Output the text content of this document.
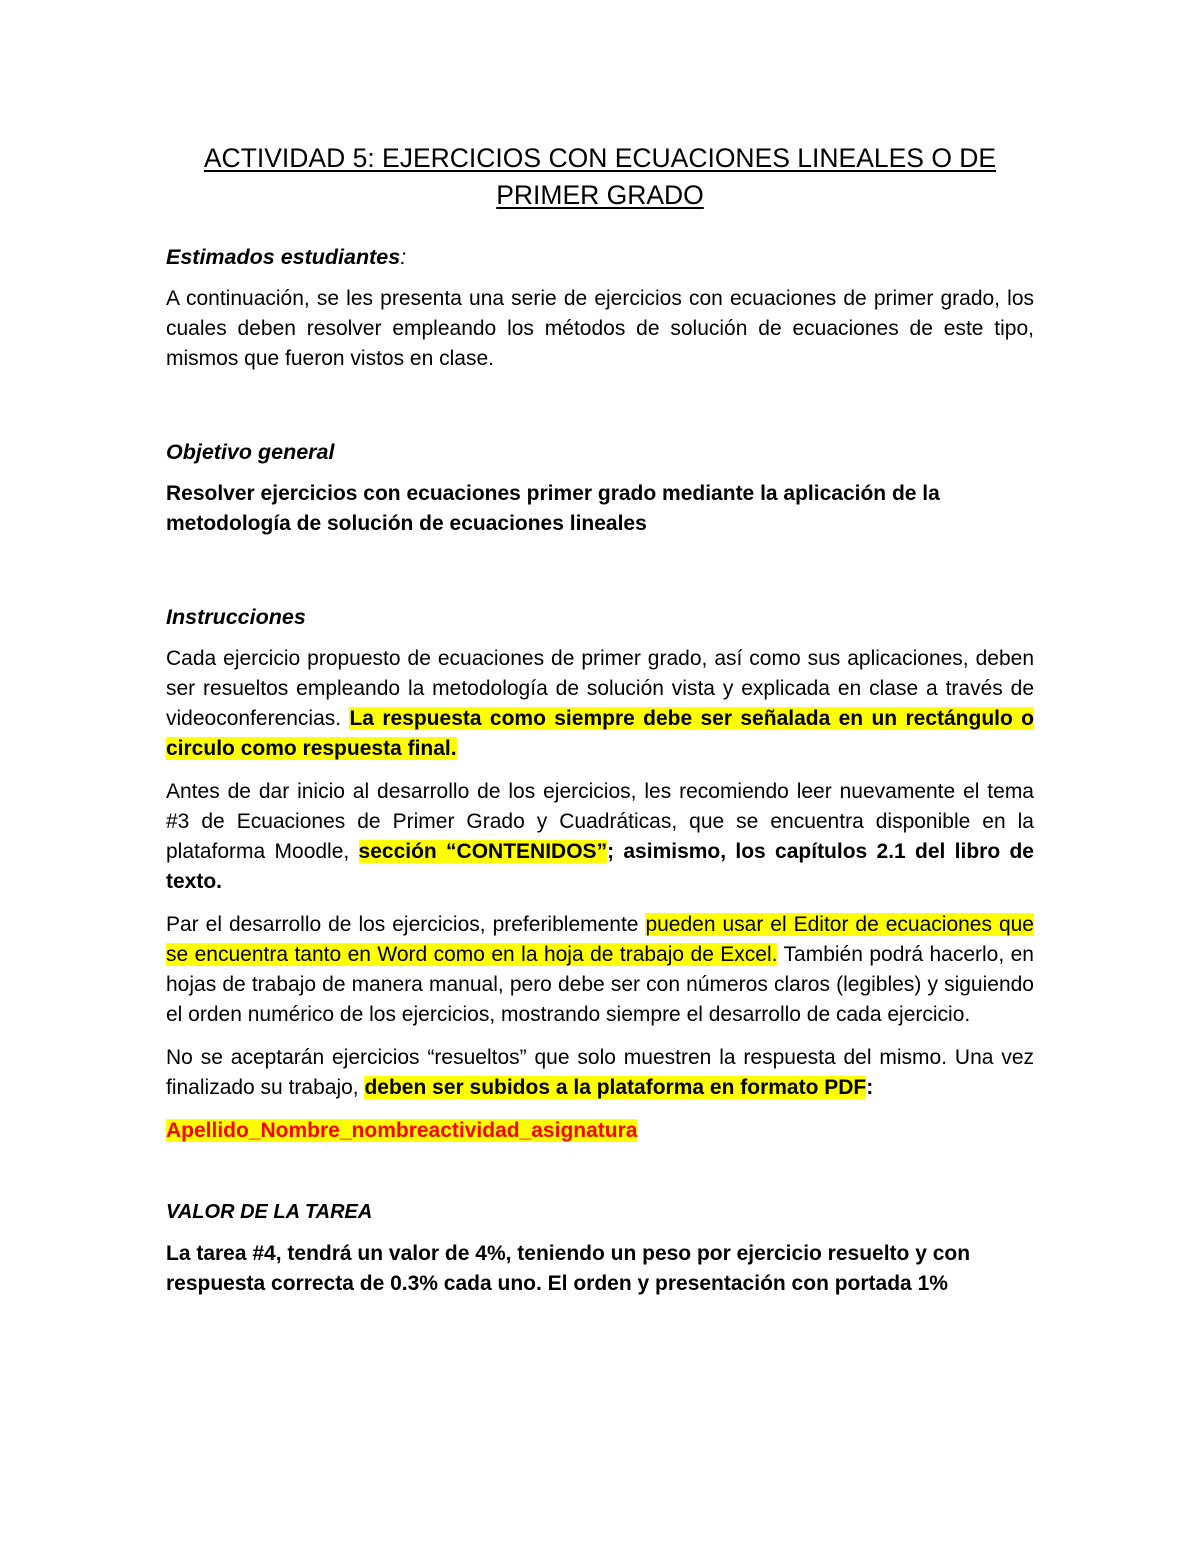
ACTIVIDAD 5: EJERCICIOS CON ECUACIONES LINEALES O DE
PRIMER GRADO
Estimados estudiantes:

A continuación, se les presenta una serie de ejercicios con ecuaciones de primer grado, los cuales deben resolver empleando los métodos de solución de ecuaciones de este tipo, mismos que fueron vistos en clase.

Objetivo general

Resolver ejercicios con ecuaciones primer grado mediante la aplicación de la metodología de solución de ecuaciones lineales

Instrucciones

Cada ejercicio propuesto de ecuaciones de primer grado, así como sus aplicaciones, deben ser resueltos empleando la metodología de solución vista y explicada en clase a través de videoconferencias. La respuesta como siempre debe ser señalada en un rectángulo o circulo como respuesta final.

Antes de dar inicio al desarrollo de los ejercicios, les recomiendo leer nuevamente el tema #3 de Ecuaciones de Primer Grado y Cuadráticas, que se encuentra disponible en la plataforma Moodle, sección “CONTENIDOS”; asimismo, los capítulos 2.1 del libro de texto.

Par el desarrollo de los ejercicios, preferiblemente pueden usar el Editor de ecuaciones que se encuentra tanto en Word como en la hoja de trabajo de Excel. También podrá hacerlo, en hojas de trabajo de manera manual, pero debe ser con números claros (legibles) y siguiendo el orden numérico de los ejercicios, mostrando siempre el desarrollo de cada ejercicio.

No se aceptarán ejercicios “resueltos” que solo muestren la respuesta del mismo. Una vez finalizado su trabajo, deben ser subidos a la plataforma en formato PDF:

Apellido_Nombre_nombreactividad_asignatura

VALOR DE LA TAREA

La tarea #4, tendrá un valor de 4%, teniendo un peso por ejercicio resuelto y con respuesta correcta de 0.3% cada uno. El orden y presentación con portada 1%
